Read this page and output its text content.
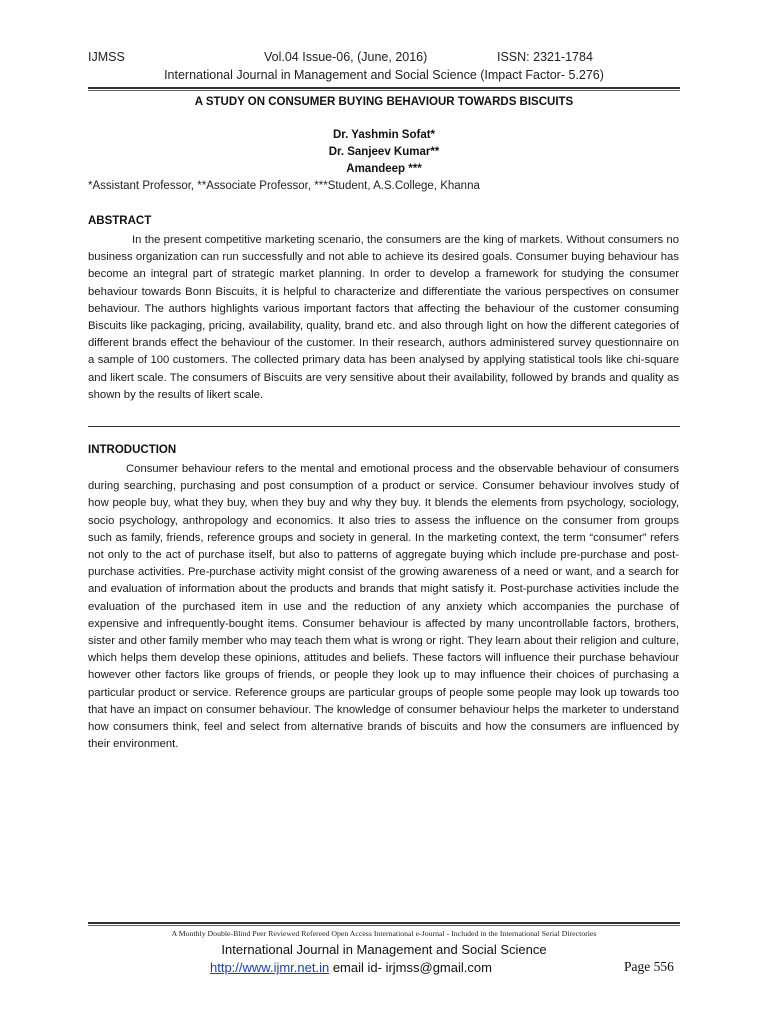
IJMSS	Vol.04 Issue-06, (June, 2016)	ISSN: 2321-1784
International Journal in Management and Social Science (Impact Factor- 5.276)
A STUDY ON CONSUMER BUYING BEHAVIOUR TOWARDS BISCUITS
Dr. Yashmin Sofat*
Dr. Sanjeev Kumar**
Amandeep ***
*Assistant Professor, **Associate Professor, ***Student, A.S.College, Khanna
ABSTRACT
In the present competitive marketing scenario, the consumers are the king of markets. Without consumers no business organization can run successfully and not able to achieve its desired goals. Consumer buying behaviour has become an integral part of strategic market planning. In order to develop a framework for studying the consumer behaviour towards Bonn Biscuits, it is helpful to characterize and differentiate the various perspectives on consumer behaviour. The authors highlights various important factors that affecting the behaviour of the customer consuming Biscuits like packaging, pricing, availability, quality, brand etc. and also through light on how the different categories of different brands effect the behaviour of the customer. In their research, authors administered survey questionnaire on a sample of 100 customers. The collected primary data has been analysed by applying statistical tools like chi-square and likert scale. The consumers of Biscuits are very sensitive about their availability, followed by brands and quality as shown by the results of likert scale.
INTRODUCTION
Consumer behaviour refers to the mental and emotional process and the observable behaviour of consumers during searching, purchasing and post consumption of a product or service. Consumer behaviour involves study of how people buy, what they buy, when they buy and why they buy. It blends the elements from psychology, sociology, socio psychology, anthropology and economics. It also tries to assess the influence on the consumer from groups such as family, friends, reference groups and society in general. In the marketing context, the term “consumer” refers not only to the act of purchase itself, but also to patterns of aggregate buying which include pre-purchase and post-purchase activities. Pre-purchase activity might consist of the growing awareness of a need or want, and a search for and evaluation of information about the products and brands that might satisfy it. Post-purchase activities include the evaluation of the purchased item in use and the reduction of any anxiety which accompanies the purchase of expensive and infrequently-bought items. Consumer behaviour is affected by many uncontrollable factors, brothers, sister and other family member who may teach them what is wrong or right. They learn about their religion and culture, which helps them develop these opinions, attitudes and beliefs. These factors will influence their purchase behaviour however other factors like groups of friends, or people they look up to may influence their choices of purchasing a particular product or service. Reference groups are particular groups of people some people may look up towards too that have an impact on consumer behaviour. The knowledge of consumer behaviour helps the marketer to understand how consumers think, feel and select from alternative brands of biscuits and how the consumers are influenced by their environment.
A Monthly Double-Blind Peer Reviewed Refereed Open Access International e-Journal - Included in the International Serial Directories
International Journal in Management and Social Science
http://www.ijmr.net.in email id- irjmss@gmail.com	Page 556
